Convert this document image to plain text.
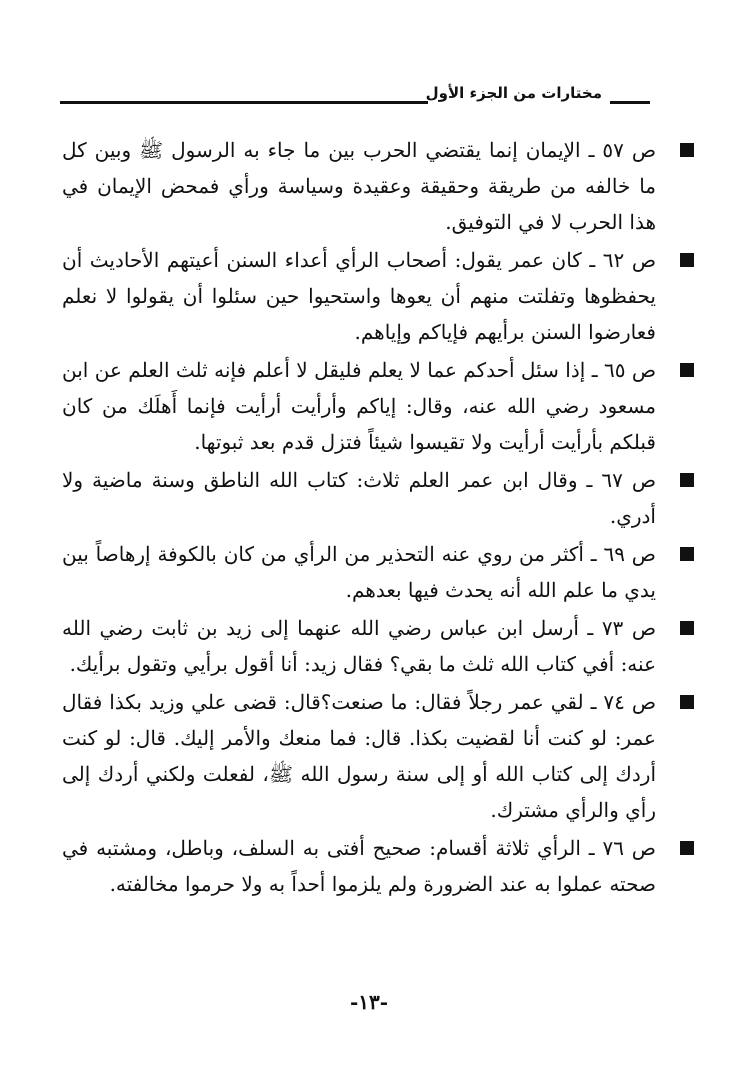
مختارات من الجزء الأول

ص ٥٧ ـ الإيمان إنما يقتضي الحرب بين ما جاء به الرسول ﷺ وبين كل ما خالفه من طريقة وحقيقة وعقيدة وسياسة ورأي فمحض الإيمان في هذا الحرب لا في التوفيق.

ص ٦٢ ـ كان عمر يقول: أصحاب الرأي أعداء السنن أعيتهم الأحاديث أن يحفظوها وتفلتت منهم أن يعوها واستحيوا حين سئلوا أن يقولوا لا نعلم فعارضوا السنن برأيهم فإياكم وإياهم.

ص ٦٥ ـ إذا سئل أحدكم عما لا يعلم فليقل لا أعلم فإنه ثلث العلم عن ابن مسعود رضي الله عنه، وقال: إياكم وأرأيت أرأيت فإنما أَهلَك من كان قبلكم بأرأيت أرأيت ولا تقيسوا شيئاً فتزل قدم بعد ثبوتها.

ص ٦٧ ـ وقال ابن عمر العلم ثلاث: كتاب الله الناطق وسنة ماضية ولا أدري.

ص ٦٩ ـ أكثر من روي عنه التحذير من الرأي من كان بالكوفة إرهاصاً بين يدي ما علم الله أنه يحدث فيها بعدهم.

ص ٧٣ ـ أرسل ابن عباس رضي الله عنهما إلى زيد بن ثابت رضي الله عنه: أفي كتاب الله ثلث ما بقي؟ فقال زيد: أنا أقول برأيي وتقول برأيك.

ص ٧٤ ـ لقي عمر رجلاً فقال: ما صنعت؟قال: قضى علي وزيد بكذا فقال عمر: لو كنت أنا لقضيت بكذا. قال: فما منعك والأمر إليك. قال: لو كنت أردك إلى كتاب الله أو إلى سنة رسول الله ﷺ، لفعلت ولكني أردك إلى رأي والرأي مشترك.

ص ٧٦ ـ الرأي ثلاثة أقسام: صحيح أفتى به السلف، وباطل، ومشتبه في صحته عملوا به عند الضرورة ولم يلزموا أحداً به ولا حرموا مخالفته.

-١٣-
